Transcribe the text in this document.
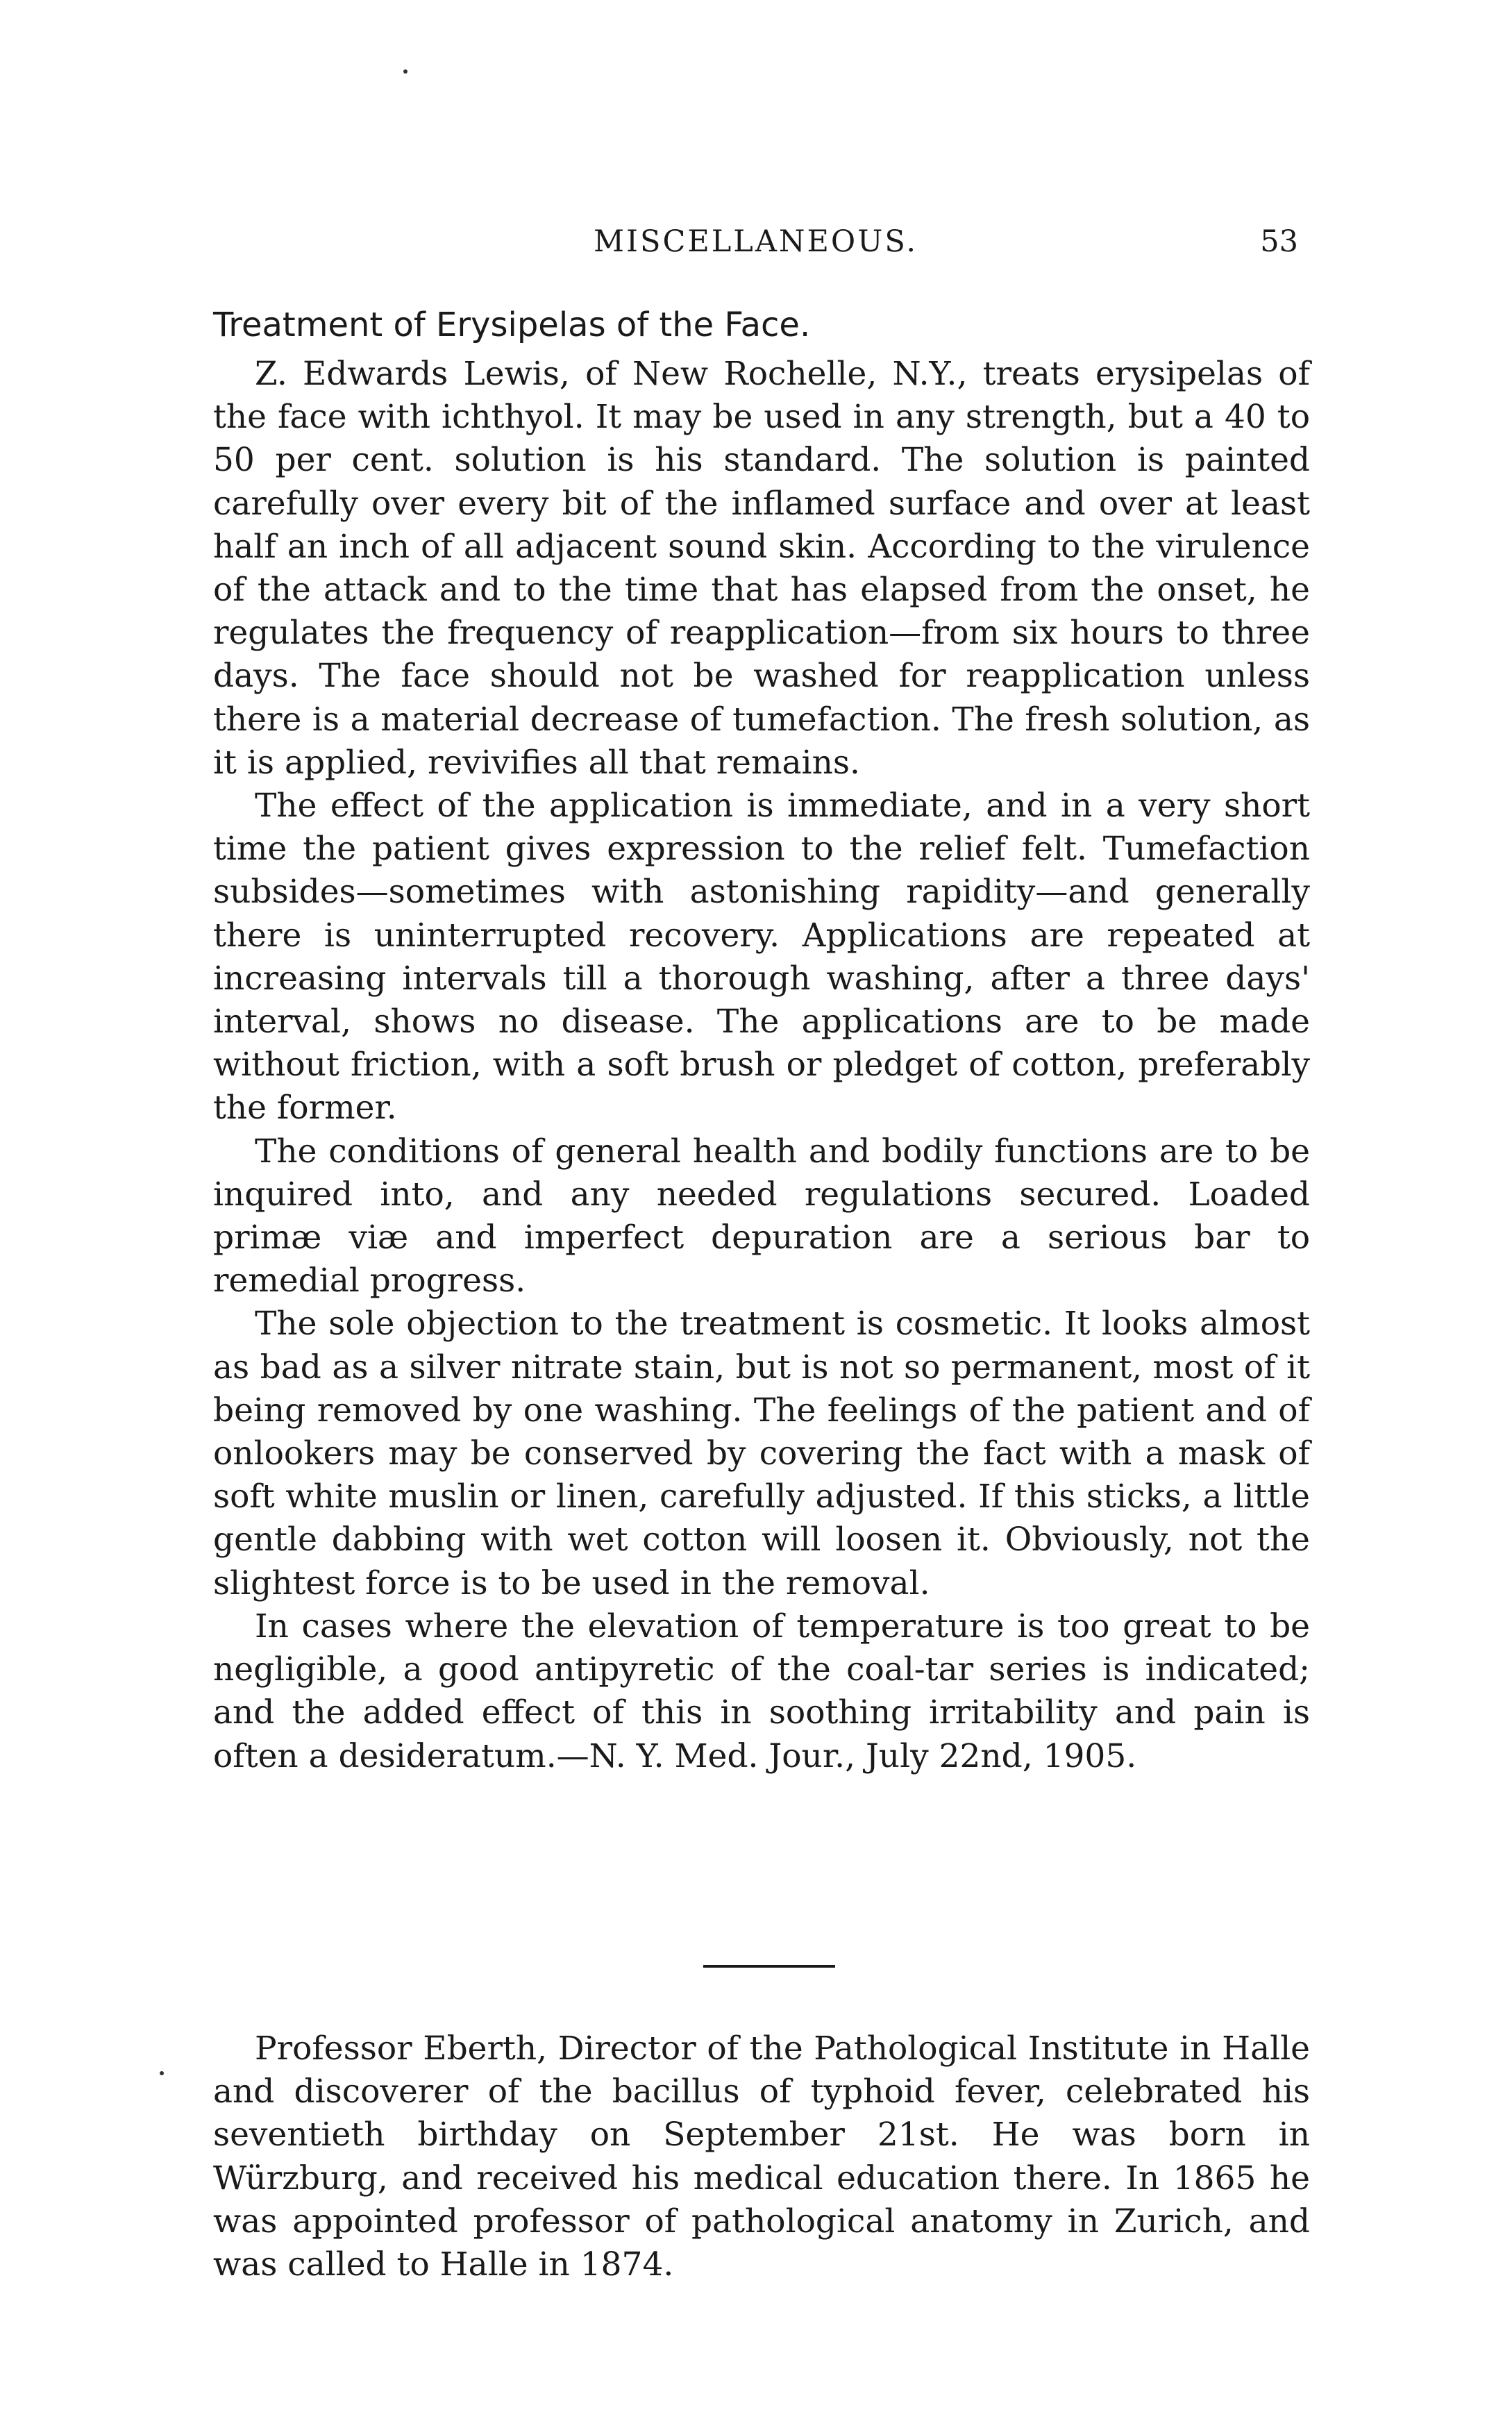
MISCELLANEOUS.	53
Treatment of Erysipelas of the Face.

Z. Edwards Lewis, of New Rochelle, N.Y., treats erysipelas of the face with ichthyol. It may be used in any strength, but a 40 to 50 per cent. solution is his standard. The solution is painted carefully over every bit of the inflamed surface and over at least half an inch of all adjacent sound skin. According to the virulence of the attack and to the time that has elapsed from the onset, he regulates the frequency of reapplication—from six hours to three days. The face should not be washed for reapplication unless there is a material decrease of tumefaction. The fresh solution, as it is applied, revivifies all that remains.

The effect of the application is immediate, and in a very short time the patient gives expression to the relief felt. Tumefaction subsides—sometimes with astonishing rapidity—and generally there is uninterrupted recovery. Applications are repeated at increasing intervals till a thorough washing, after a three days' interval, shows no disease. The applications are to be made without friction, with a soft brush or pledget of cotton, preferably the former.

The conditions of general health and bodily functions are to be inquired into, and any needed regulations secured. Loaded primæ viæ and imperfect depuration are a serious bar to remedial progress.

The sole objection to the treatment is cosmetic. It looks almost as bad as a silver nitrate stain, but is not so permanent, most of it being removed by one washing. The feelings of the patient and of onlookers may be conserved by covering the fact with a mask of soft white muslin or linen, carefully adjusted. If this sticks, a little gentle dabbing with wet cotton will loosen it. Obviously, not the slightest force is to be used in the removal.

In cases where the elevation of temperature is too great to be negligible, a good antipyretic of the coal-tar series is indicated; and the added effect of this in soothing irritability and pain is often a desideratum.—N. Y. Med. Jour., July 22nd, 1905.

Professor Eberth, Director of the Pathological Institute in Halle and discoverer of the bacillus of typhoid fever, celebrated his seventieth birthday on September 21st. He was born in Würzburg, and received his medical education there. In 1865 he was appointed professor of pathological anatomy in Zurich, and was called to Halle in 1874.
